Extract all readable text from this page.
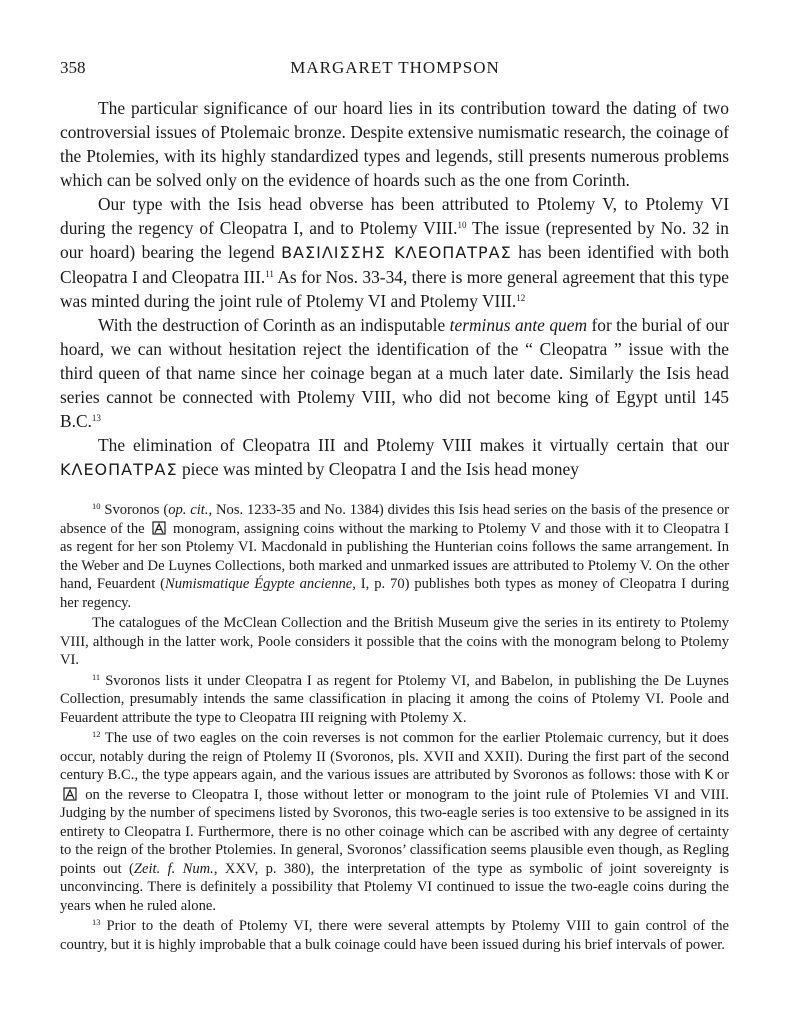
358	MARGARET THOMPSON

The particular significance of our hoard lies in its contribution toward the dating of two controversial issues of Ptolemaic bronze. Despite extensive numismatic research, the coinage of the Ptolemies, with its highly standardized types and legends, still presents numerous problems which can be solved only on the evidence of hoards such as the one from Corinth.

Our type with the Isis head obverse has been attributed to Ptolemy V, to Ptolemy VI during the regency of Cleopatra I, and to Ptolemy VIII.$^{10}$ The issue (represented by No. 32 in our hoard) bearing the legend ΒΑΣΙΛΙΣΣΗΣ ΚΛΕΟΠΑΤΡΑΣ has been identified with both Cleopatra I and Cleopatra III.$^{11}$ As for Nos. 33-34, there is more general agreement that this type was minted during the joint rule of Ptolemy VI and Ptolemy VIII.$^{12}$

With the destruction of Corinth as an indisputable terminus ante quem for the burial of our hoard, we can without hesitation reject the identification of the “ Cleopatra ” issue with the third queen of that name since her coinage began at a much later date. Similarly the Isis head series cannot be connected with Ptolemy VIII, who did not become king of Egypt until 145 B.C.$^{13}$

The elimination of Cleopatra III and Ptolemy VIII makes it virtually certain that our ΚΛΕΟΠΑΤΡΑΣ piece was minted by Cleopatra I and the Isis head money

$^{10}$ Svoronos (op. cit., Nos. 1233-35 and No. 1384) divides this Isis head series on the basis of the presence or absence of the  monogram, assigning coins without the marking to Ptolemy V and those with it to Cleopatra I as regent for her son Ptolemy VI. Macdonald in publishing the Hunterian coins follows the same arrangement. In the Weber and De Luynes Collections, both marked and unmarked issues are attributed to Ptolemy V. On the other hand, Feuardent (Numismatique Égypte ancienne, I, p. 70) publishes both types as money of Cleopatra I during her regency.

The catalogues of the McClean Collection and the British Museum give the series in its entirety to Ptolemy VIII, although in the latter work, Poole considers it possible that the coins with the monogram belong to Ptolemy VI.

$^{11}$ Svoronos lists it under Cleopatra I as regent for Ptolemy VI, and Babelon, in publishing the De Luynes Collection, presumably intends the same classification in placing it among the coins of Ptolemy VI. Poole and Feuardent attribute the type to Cleopatra III reigning with Ptolemy X.

$^{12}$ The use of two eagles on the coin reverses is not common for the earlier Ptolemaic currency, but it does occur, notably during the reign of Ptolemy II (Svoronos, pls. XVII and XXII). During the first part of the second century B.C., the type appears again, and the various issues are attributed by Svoronos as follows: those with Κ or  on the reverse to Cleopatra I, those without letter or monogram to the joint rule of Ptolemies VI and VIII. Judging by the number of specimens listed by Svoronos, this two-eagle series is too extensive to be assigned in its entirety to Cleopatra I. Furthermore, there is no other coinage which can be ascribed with any degree of certainty to the reign of the brother Ptolemies. In general, Svoronos’ classification seems plausible even though, as Regling points out (Zeit. f. Num., XXV, p. 380), the interpretation of the type as symbolic of joint sovereignty is unconvincing. There is definitely a possibility that Ptolemy VI continued to issue the two-eagle coins during the years when he ruled alone.

$^{13}$ Prior to the death of Ptolemy VI, there were several attempts by Ptolemy VIII to gain control of the country, but it is highly improbable that a bulk coinage could have been issued during his brief intervals of power.
